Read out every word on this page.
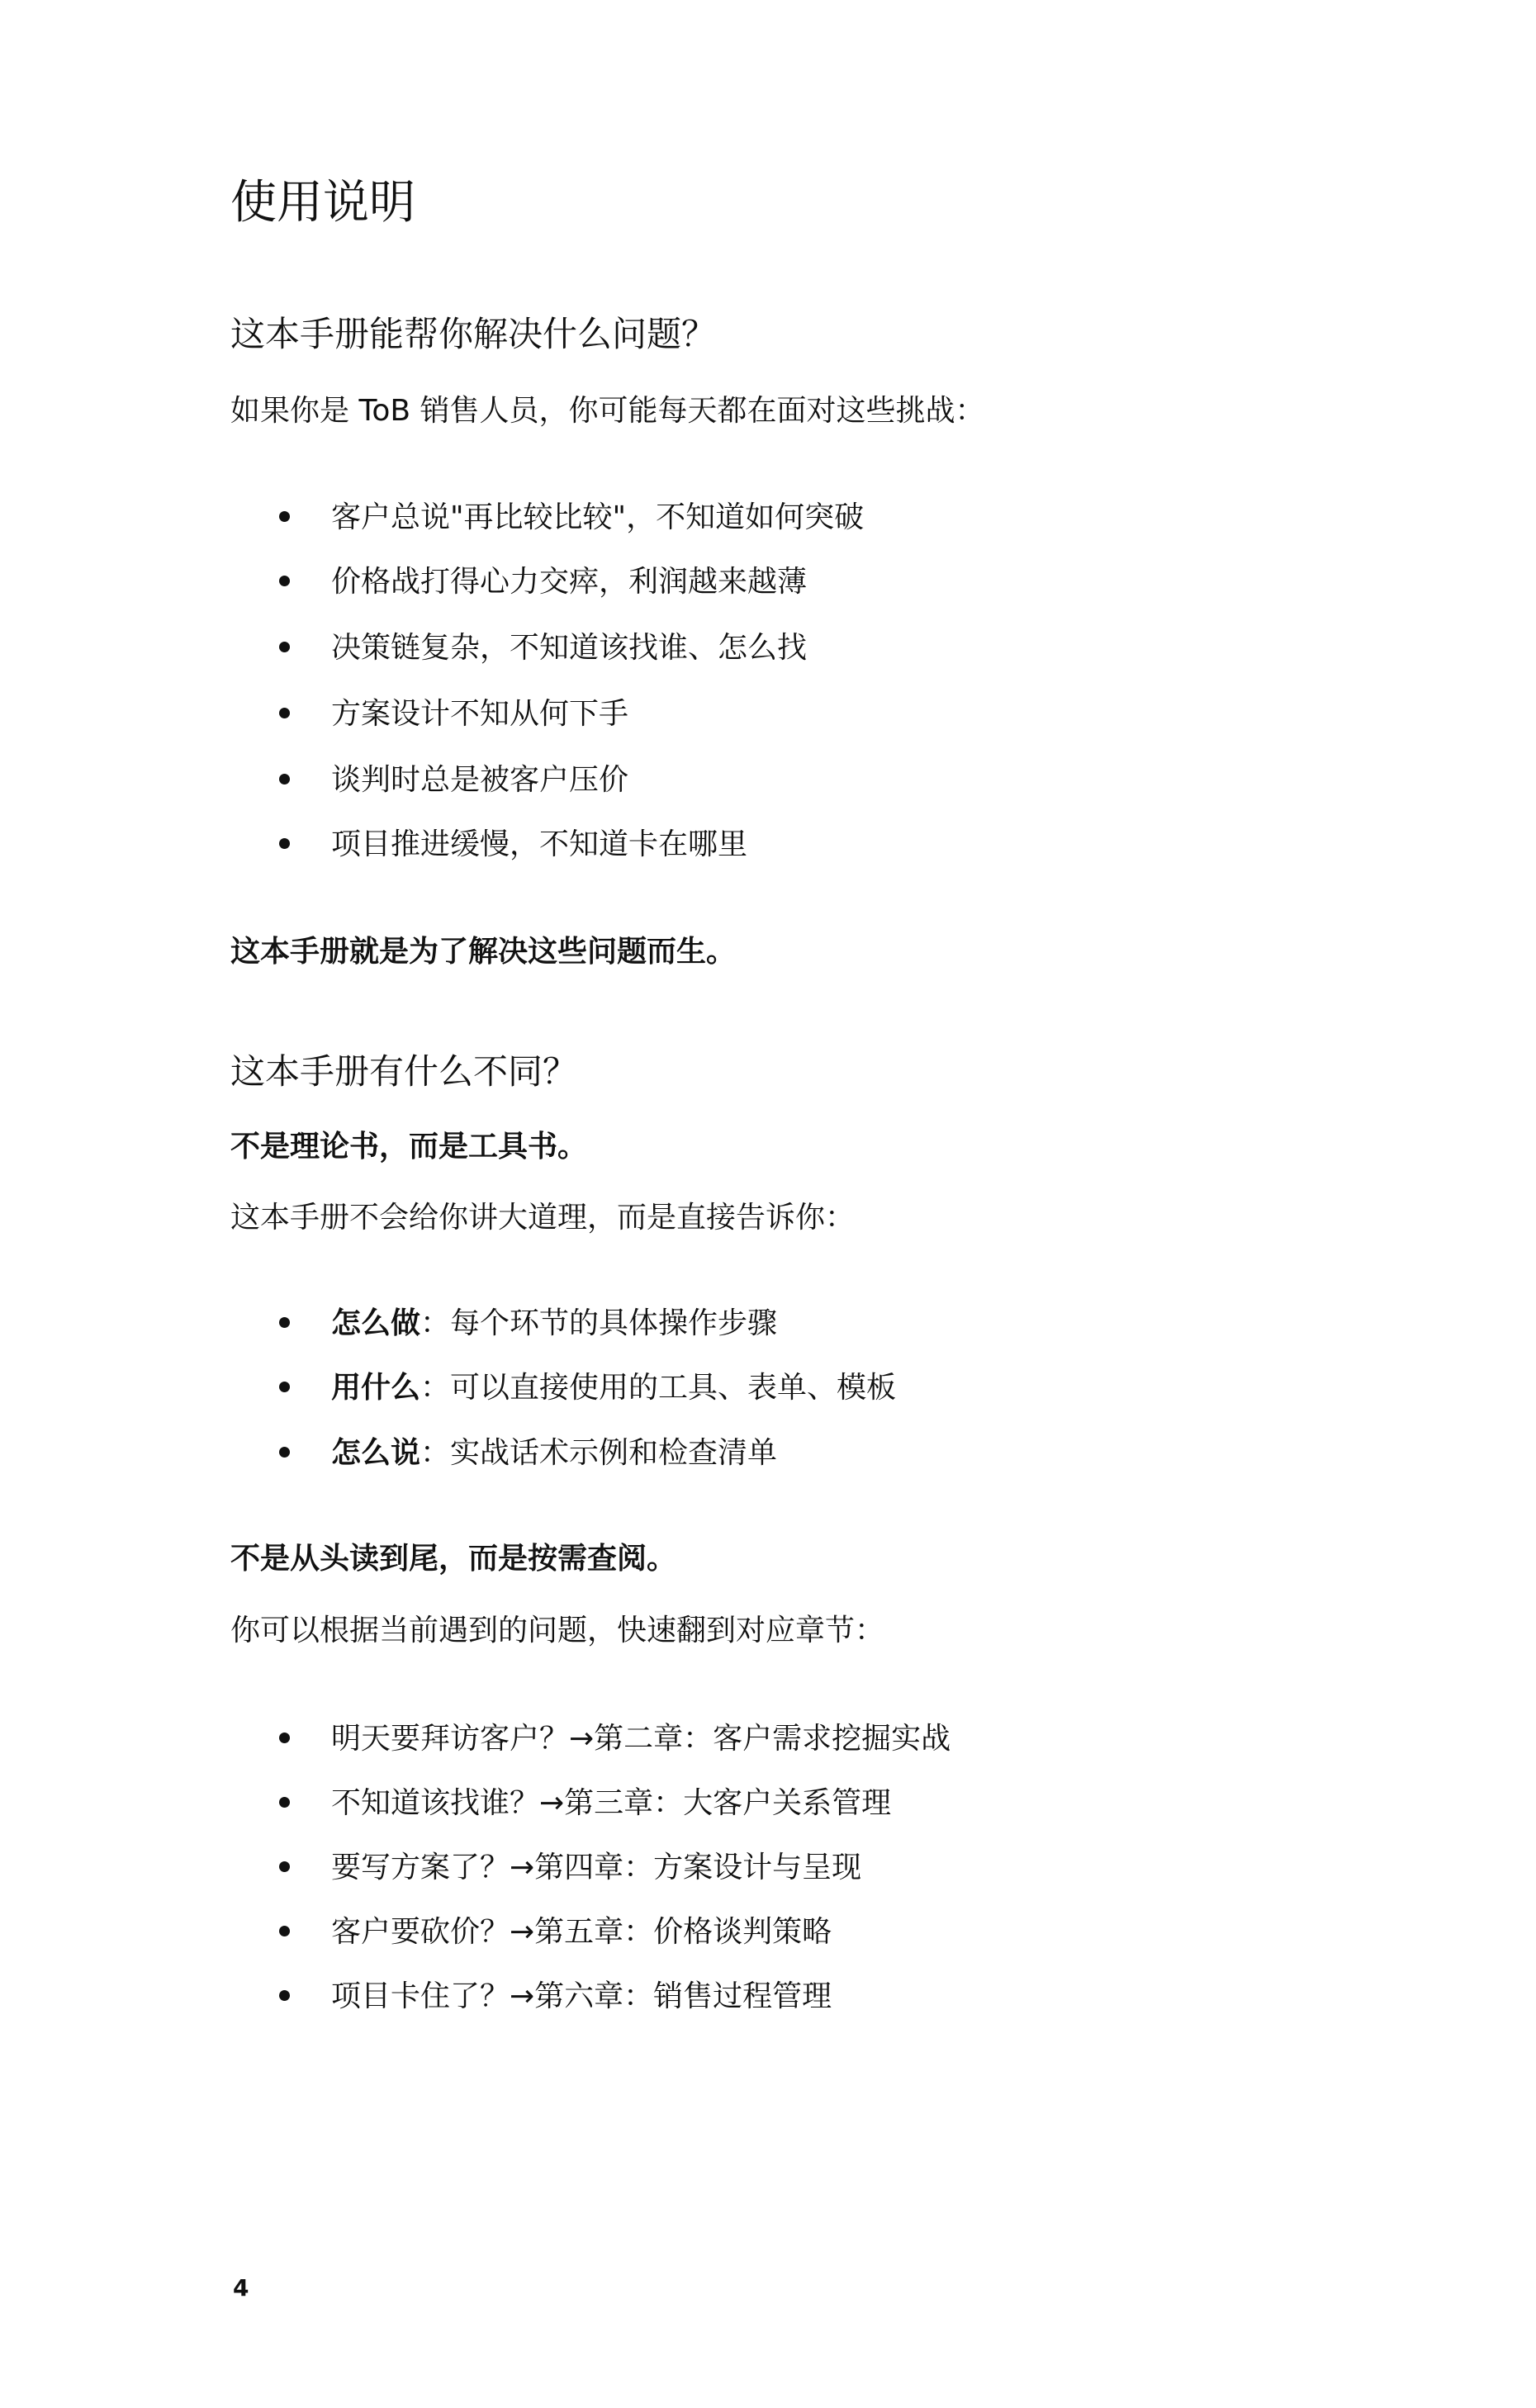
使用说明
这本手册能帮你解决什么问题？
如果你是 ToB 销售人员，你可能每天都在面对这些挑战：
客户总说"再比较比较"，不知道如何突破
价格战打得心力交瘁，利润越来越薄
决策链复杂，不知道该找谁、怎么找
方案设计不知从何下手
谈判时总是被客户压价
项目推进缓慢，不知道卡在哪里
这本手册就是为了解决这些问题而生。
这本手册有什么不同？
不是理论书，而是工具书。
这本手册不会给你讲大道理，而是直接告诉你：
怎么做：每个环节的具体操作步骤
用什么：可以直接使用的工具、表单、模板
怎么说：实战话术示例和检查清单
不是从头读到尾，而是按需查阅。
你可以根据当前遇到的问题，快速翻到对应章节：
明天要拜访客户？→第二章：客户需求挖掘实战
不知道该找谁？→第三章：大客户关系管理
要写方案了？→第四章：方案设计与呈现
客户要砍价？→第五章：价格谈判策略
项目卡住了？→第六章：销售过程管理
4
